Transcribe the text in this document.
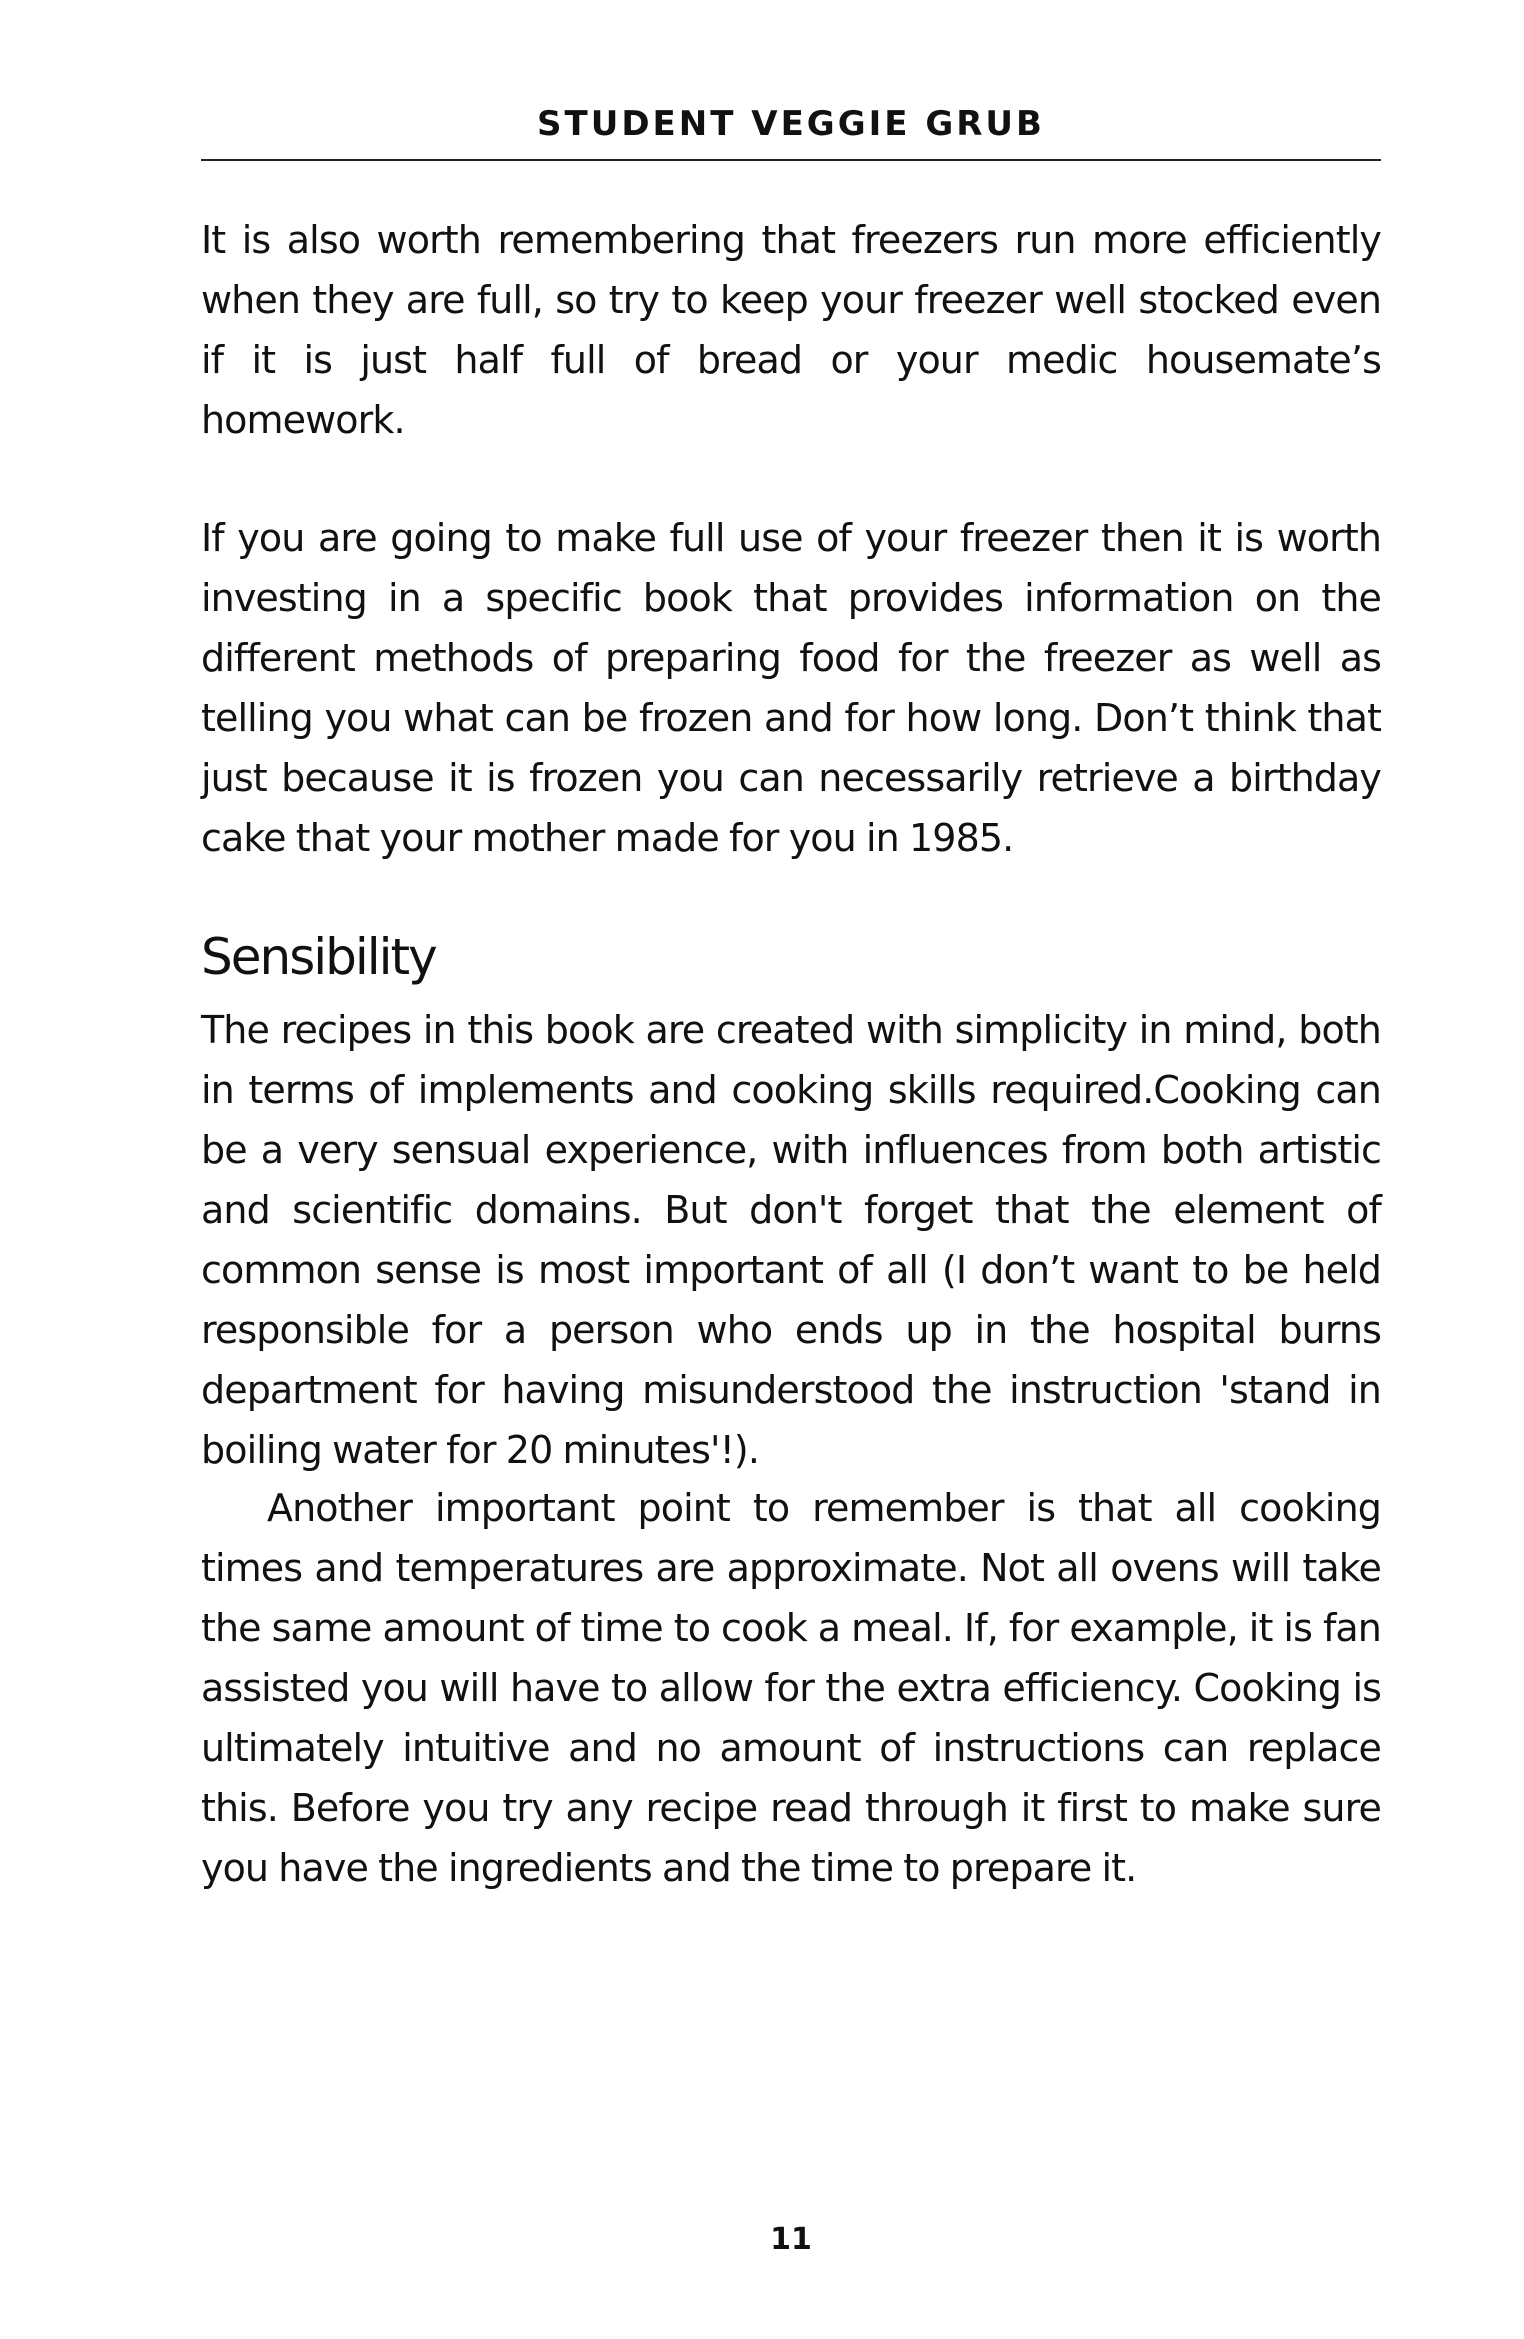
STUDENT VEGGIE GRUB

It is also worth remembering that freezers run more efficiently when they are full, so try to keep your freezer well stocked even if it is just half full of bread or your medic housemate’s homework.

If you are going to make full use of your freezer then it is worth investing in a specific book that provides information on the different methods of preparing food for the freezer as well as telling you what can be frozen and for how long. Don’t think that just because it is frozen you can necessarily retrieve a birthday cake that your mother made for you in 1985.

Sensibility

The recipes in this book are created with simplicity in mind, both in terms of implements and cooking skills required.Cooking can be a very sensual experience, with influences from both artistic and scientific domains. But don't forget that the element of common sense is most important of all (I don’t want to be held responsible for a person who ends up in the hospital burns department for having misunderstood the instruction 'stand in boiling water for 20 minutes'!).

Another important point to remember is that all cooking times and temperatures are approximate. Not all ovens will take the same amount of time to cook a meal. If, for example, it is fan assisted you will have to allow for the extra efficiency. Cooking is ultimately intuitive and no amount of instructions can replace this. Before you try any recipe read through it first to make sure you have the ingredients and the time to prepare it.

11
